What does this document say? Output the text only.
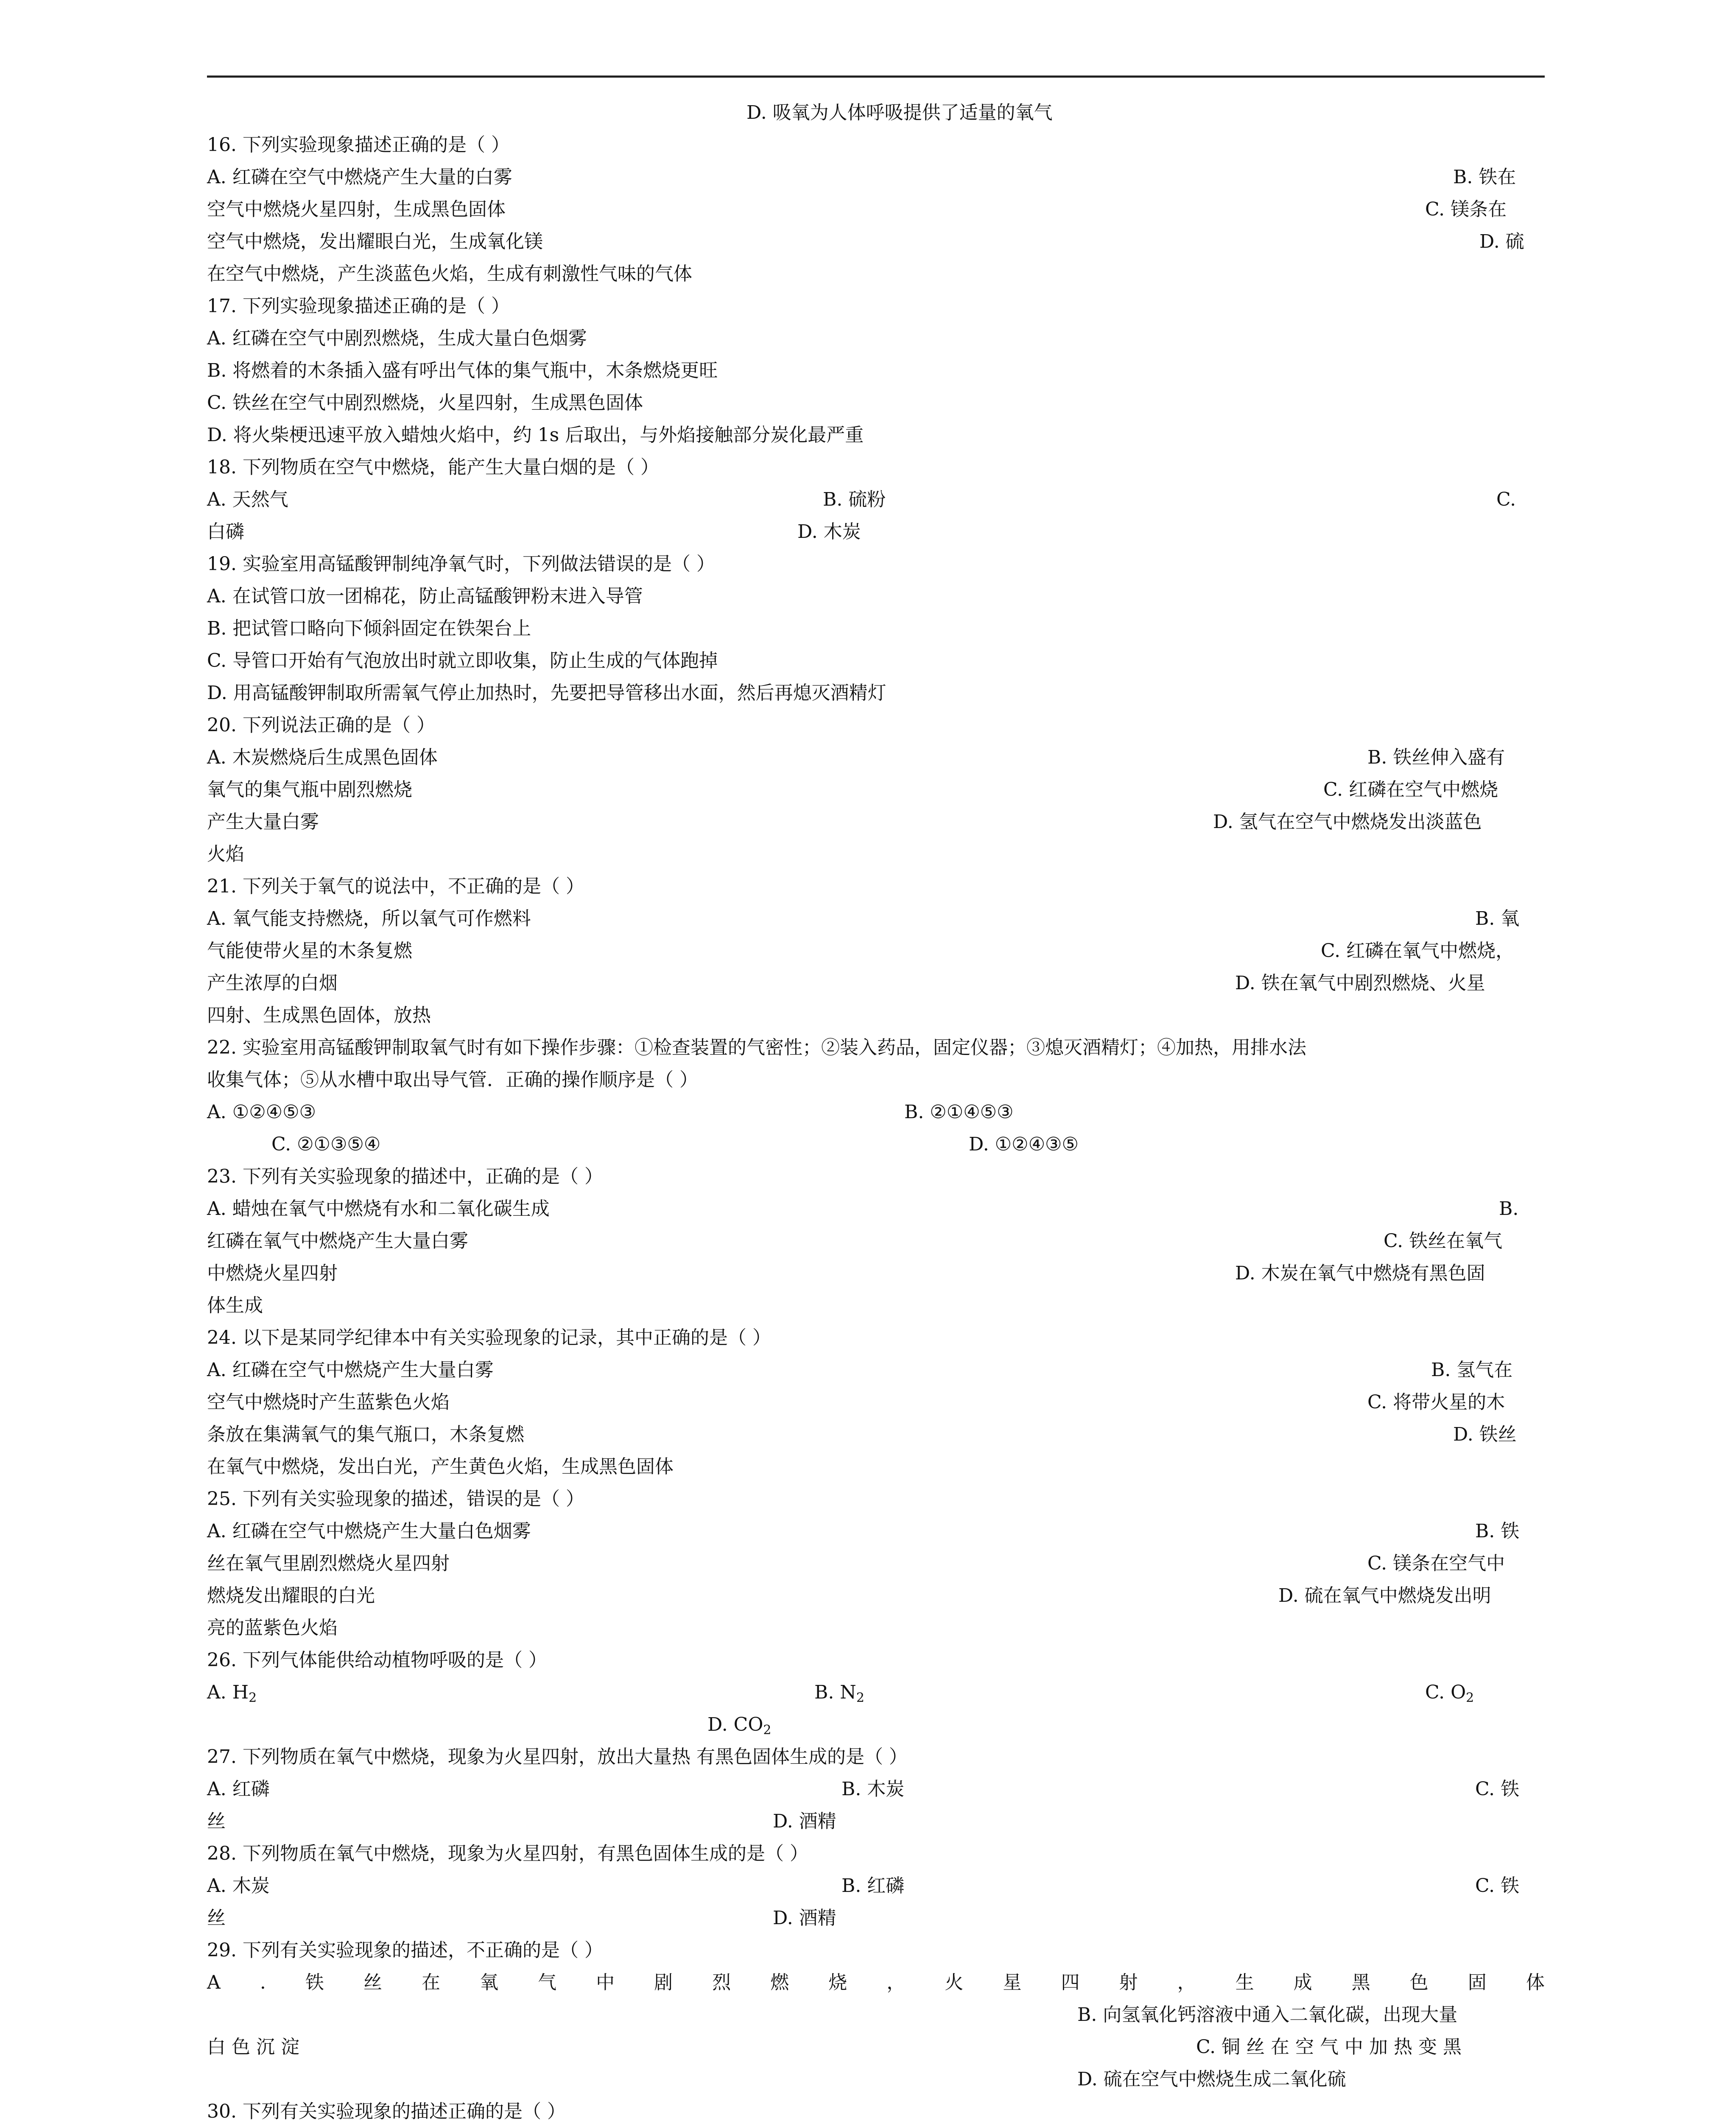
D. 吸氧为人体呼吸提供了适量的氧气
16. 下列实验现象描述正确的是（ ）
A. 红磷在空气中燃烧产生大量的白雾	B. 铁在
空气中燃烧火星四射，生成黑色固体	C. 镁条在
空气中燃烧，发出耀眼白光，生成氧化镁	D. 硫
在空气中燃烧，产生淡蓝色火焰，生成有刺激性气味的气体
17. 下列实验现象描述正确的是（ ）
A. 红磷在空气中剧烈燃烧，生成大量白色烟雾
B. 将燃着的木条插入盛有呼出气体的集气瓶中，木条燃烧更旺
C. 铁丝在空气中剧烈燃烧，火星四射，生成黑色固体
D. 将火柴梗迅速平放入蜡烛火焰中，约 1s 后取出，与外焰接触部分炭化最严重
18. 下列物质在空气中燃烧，能产生大量白烟的是（ ）
A. 天然气	B. 硫粉	C.
白磷	D. 木炭
19. 实验室用高锰酸钾制纯净氧气时，下列做法错误的是（ ）
A. 在试管口放一团棉花，防止高锰酸钾粉末进入导管
B. 把试管口略向下倾斜固定在铁架台上
C. 导管口开始有气泡放出时就立即收集，防止生成的气体跑掉
D. 用高锰酸钾制取所需氧气停止加热时，先要把导管移出水面，然后再熄灭酒精灯
20. 下列说法正确的是（ ）
A. 木炭燃烧后生成黑色固体	B. 铁丝伸入盛有
氧气的集气瓶中剧烈燃烧	C. 红磷在空气中燃烧
产生大量白雾	D. 氢气在空气中燃烧发出淡蓝色
火焰
21. 下列关于氧气的说法中，不正确的是（ ）
A. 氧气能支持燃烧，所以氧气可作燃料	B. 氧
气能使带火星的木条复燃	C. 红磷在氧气中燃烧，
产生浓厚的白烟	D. 铁在氧气中剧烈燃烧、火星
四射、生成黑色固体，放热
22. 实验室用高锰酸钾制取氧气时有如下操作步骤：①检查装置的气密性；②装入药品，固定仪器；③熄灭酒精灯；④加热，用排水法
收集气体；⑤从水槽中取出导气管．正确的操作顺序是（ ）
A. ①②④⑤③	B. ②①④⑤③
C. ②①③⑤④	D. ①②④③⑤
23. 下列有关实验现象的描述中，正确的是（ ）
A. 蜡烛在氧气中燃烧有水和二氧化碳生成	B.
红磷在氧气中燃烧产生大量白雾	C. 铁丝在氧气
中燃烧火星四射	D. 木炭在氧气中燃烧有黑色固
体生成
24. 以下是某同学纪律本中有关实验现象的记录，其中正确的是（ ）
A. 红磷在空气中燃烧产生大量白雾	B. 氢气在
空气中燃烧时产生蓝紫色火焰	C. 将带火星的木
条放在集满氧气的集气瓶口，木条复燃	D. 铁丝
在氧气中燃烧，发出白光，产生黄色火焰，生成黑色固体
25. 下列有关实验现象的描述，错误的是（ ）
A. 红磷在空气中燃烧产生大量白色烟雾	B. 铁
丝在氧气里剧烈燃烧火星四射	C. 镁条在空气中
燃烧发出耀眼的白光	D. 硫在氧气中燃烧发出明
亮的蓝紫色火焰
26. 下列气体能供给动植物呼吸的是（ ）
A. $H_2$	B. $N_2$	C. $O_2$
D. $CO_2$
27. 下列物质在氧气中燃烧，现象为火星四射，放出大量热 有黑色固体生成的是（ ）
A. 红磷	B. 木炭	C. 铁
丝	D. 酒精
28. 下列物质在氧气中燃烧，现象为火星四射，有黑色固体生成的是（ ）
A. 木炭	B. 红磷	C. 铁
丝	D. 酒精
29. 下列有关实验现象的描述，不正确的是（ ）
A . 铁 丝 在 氧 气 中 剧 烈 燃 烧 ， 火 星 四 射 ， 生 成 黑 色 固 体
B. 向氢氧化钙溶液中通入二氧化碳，出现大量
白 色 沉 淀	C. 铜 丝 在 空 气 中 加 热 变 黑
D. 硫在空气中燃烧生成二氧化硫
30. 下列有关实验现象的描述正确的是（ ）
